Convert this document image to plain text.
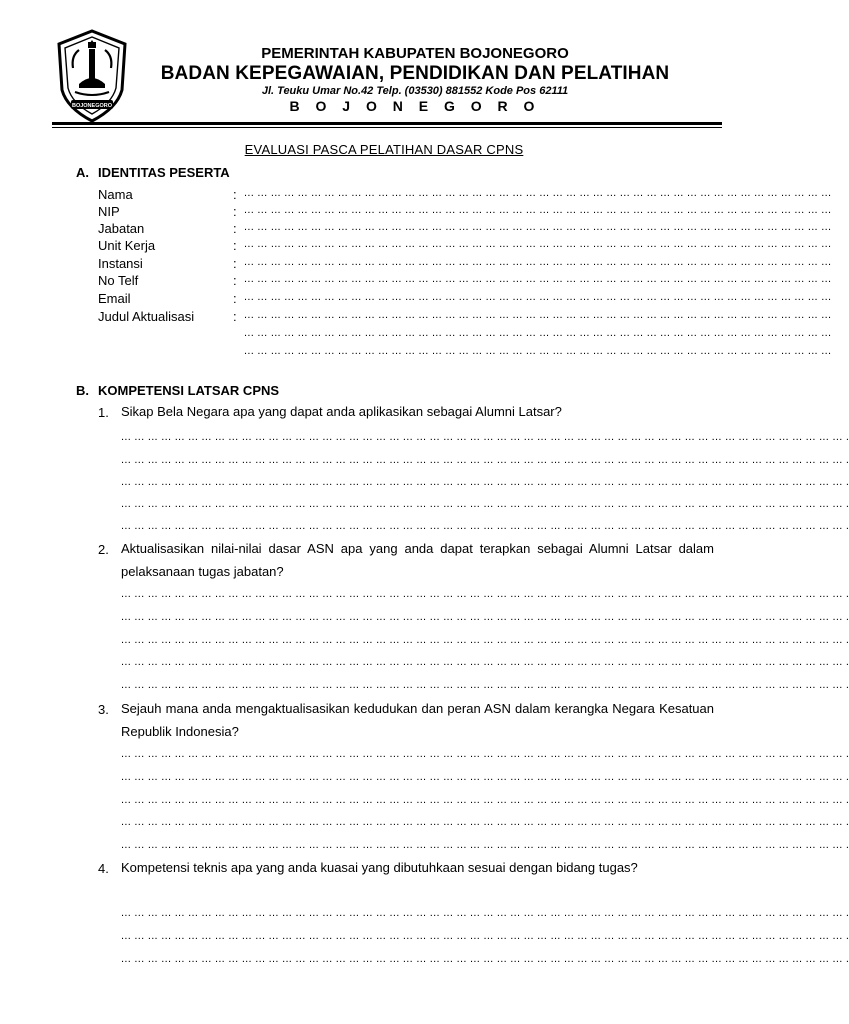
BOJONEGORO
PEMERINTAH KABUPATEN BOJONEGORO
BADAN KEPEGAWAIAN, PENDIDIKAN DAN PELATIHAN
Jl. Teuku Umar No.42 Telp. (03530) 881552 Kode Pos 62111
B O J O N E G O R O
EVALUASI PASCA PELATIHAN DASAR CPNS
A. IDENTITAS PESERTA
Nama	: ... ... ... ... ... ... ... ... ... ... ... ... ... ... ... ... ... ... ... ... ... ... ... ... ... ... ... ... ... ... ... ... ... ... ... ... ... ... ... ... ... ... ... ...
NIP	: ... ... ... ... ... ... ... ... ... ... ... ... ... ... ... ... ... ... ... ... ... ... ... ... ... ... ... ... ... ... ... ... ... ... ... ... ... ... ... ... ... ... ... ...
Jabatan	: ... ... ... ... ... ... ... ... ... ... ... ... ... ... ... ... ... ... ... ... ... ... ... ... ... ... ... ... ... ... ... ... ... ... ... ... ... ... ... ... ... ... ... ...
Unit Kerja	: ... ... ... ... ... ... ... ... ... ... ... ... ... ... ... ... ... ... ... ... ... ... ... ... ... ... ... ... ... ... ... ... ... ... ... ... ... ... ... ... ... ... ... ...
Instansi	: ... ... ... ... ... ... ... ... ... ... ... ... ... ... ... ... ... ... ... ... ... ... ... ... ... ... ... ... ... ... ... ... ... ... ... ... ... ... ... ... ... ... ... ...
No Telf	: ... ... ... ... ... ... ... ... ... ... ... ... ... ... ... ... ... ... ... ... ... ... ... ... ... ... ... ... ... ... ... ... ... ... ... ... ... ... ... ... ... ... ... ...
Email	: ... ... ... ... ... ... ... ... ... ... ... ... ... ... ... ... ... ... ... ... ... ... ... ... ... ... ... ... ... ... ... ... ... ... ... ... ... ... ... ... ... ... ... ...
Judul Aktualisasi	: ... ... ... ... ... ... ... ... ... ... ... ... ... ... ... ... ... ... ... ... ... ... ... ... ... ... ... ... ... ... ... ... ... ... ... ... ... ... ... ... ... ... ... ...
... ... ... ... ... ... ... ... ... ... ... ... ... ... ... ... ... ... ... ... ... ... ... ... ... ... ... ... ... ... ... ... ... ... ... ... ... ... ... ... ... ... ... ...
... ... ... ... ... ... ... ... ... ... ... ... ... ... ... ... ... ... ... ... ... ... ... ... ... ... ... ... ... ... ... ... ... ... ... ... ... ... ... ... ... ... ... ...
B. KOMPETENSI LATSAR CPNS
1. Sikap Bela Negara apa yang dapat anda aplikasikan sebagai Alumni Latsar?
... ... ... ... ... ... ... ... ... ... ... ... ... ... ... ... ... ... ... ... ... ... ... ... ... ... ... ... ... ... ... ... ... ... ... ... ... ... ... ... ... ... ... ... ... ... ... ... ... ... ... ... ... ... .
... ... ... ... ... ... ... ... ... ... ... ... ... ... ... ... ... ... ... ... ... ... ... ... ... ... ... ... ... ... ... ... ... ... ... ... ... ... ... ... ... ... ... ... ... ... ... ... ... ... ... ... ... ... .
... ... ... ... ... ... ... ... ... ... ... ... ... ... ... ... ... ... ... ... ... ... ... ... ... ... ... ... ... ... ... ... ... ... ... ... ... ... ... ... ... ... ... ... ... ... ... ... ... ... ... ... ... ... .
... ... ... ... ... ... ... ... ... ... ... ... ... ... ... ... ... ... ... ... ... ... ... ... ... ... ... ... ... ... ... ... ... ... ... ... ... ... ... ... ... ... ... ... ... ... ... ... ... ... ... ... ... ... .
... ... ... ... ... ... ... ... ... ... ... ... ... ... ... ... ... ... ... ... ... ... ... ... ... ... ... ... ... ... ... ... ... ... ... ... ... ... ... ... ... ... ... ... ... ... ... ... ... ... ... ... ... ... .
2. Aktualisasikan nilai-nilai dasar ASN apa yang anda dapat terapkan sebagai Alumni Latsar dalam pelaksanaan tugas jabatan?
... ... ... ... ... ... ... ... ... ... ... ... ... ... ... ... ... ... ... ... ... ... ... ... ... ... ... ... ... ... ... ... ... ... ... ... ... ... ... ... ... ... ... ... ... ... ... ... ... ... ... ... ... ... .
... ... ... ... ... ... ... ... ... ... ... ... ... ... ... ... ... ... ... ... ... ... ... ... ... ... ... ... ... ... ... ... ... ... ... ... ... ... ... ... ... ... ... ... ... ... ... ... ... ... ... ... ... ... .
... ... ... ... ... ... ... ... ... ... ... ... ... ... ... ... ... ... ... ... ... ... ... ... ... ... ... ... ... ... ... ... ... ... ... ... ... ... ... ... ... ... ... ... ... ... ... ... ... ... ... ... ... ... .
... ... ... ... ... ... ... ... ... ... ... ... ... ... ... ... ... ... ... ... ... ... ... ... ... ... ... ... ... ... ... ... ... ... ... ... ... ... ... ... ... ... ... ... ... ... ... ... ... ... ... ... ... ... .
... ... ... ... ... ... ... ... ... ... ... ... ... ... ... ... ... ... ... ... ... ... ... ... ... ... ... ... ... ... ... ... ... ... ... ... ... ... ... ... ... ... ... ... ... ... ... ... ... ... ... ... ... ... .
3. Sejauh mana anda mengaktualisasikan kedudukan dan peran ASN dalam kerangka Negara Kesatuan Republik Indonesia?
... ... ... ... ... ... ... ... ... ... ... ... ... ... ... ... ... ... ... ... ... ... ... ... ... ... ... ... ... ... ... ... ... ... ... ... ... ... ... ... ... ... ... ... ... ... ... ... ... ... ... ... ... ... .
... ... ... ... ... ... ... ... ... ... ... ... ... ... ... ... ... ... ... ... ... ... ... ... ... ... ... ... ... ... ... ... ... ... ... ... ... ... ... ... ... ... ... ... ... ... ... ... ... ... ... ... ... ... .
... ... ... ... ... ... ... ... ... ... ... ... ... ... ... ... ... ... ... ... ... ... ... ... ... ... ... ... ... ... ... ... ... ... ... ... ... ... ... ... ... ... ... ... ... ... ... ... ... ... ... ... ... ... .
... ... ... ... ... ... ... ... ... ... ... ... ... ... ... ... ... ... ... ... ... ... ... ... ... ... ... ... ... ... ... ... ... ... ... ... ... ... ... ... ... ... ... ... ... ... ... ... ... ... ... ... ... ... .
... ... ... ... ... ... ... ... ... ... ... ... ... ... ... ... ... ... ... ... ... ... ... ... ... ... ... ... ... ... ... ... ... ... ... ... ... ... ... ... ... ... ... ... ... ... ... ... ... ... ... ... ... ... .
4. Kompetensi teknis apa yang anda kuasai yang dibutuhkaan sesuai dengan bidang tugas?
... ... ... ... ... ... ... ... ... ... ... ... ... ... ... ... ... ... ... ... ... ... ... ... ... ... ... ... ... ... ... ... ... ... ... ... ... ... ... ... ... ... ... ... ... ... ... ... ... ... ... ... ... ... .
... ... ... ... ... ... ... ... ... ... ... ... ... ... ... ... ... ... ... ... ... ... ... ... ... ... ... ... ... ... ... ... ... ... ... ... ... ... ... ... ... ... ... ... ... ... ... ... ... ... ... ... ... ... .
... ... ... ... ... ... ... ... ... ... ... ... ... ... ... ... ... ... ... ... ... ... ... ... ... ... ... ... ... ... ... ... ... ... ... ... ... ... ... ... ... ... ... ... ... ... ... ... ... ... ... ... ... ... .
